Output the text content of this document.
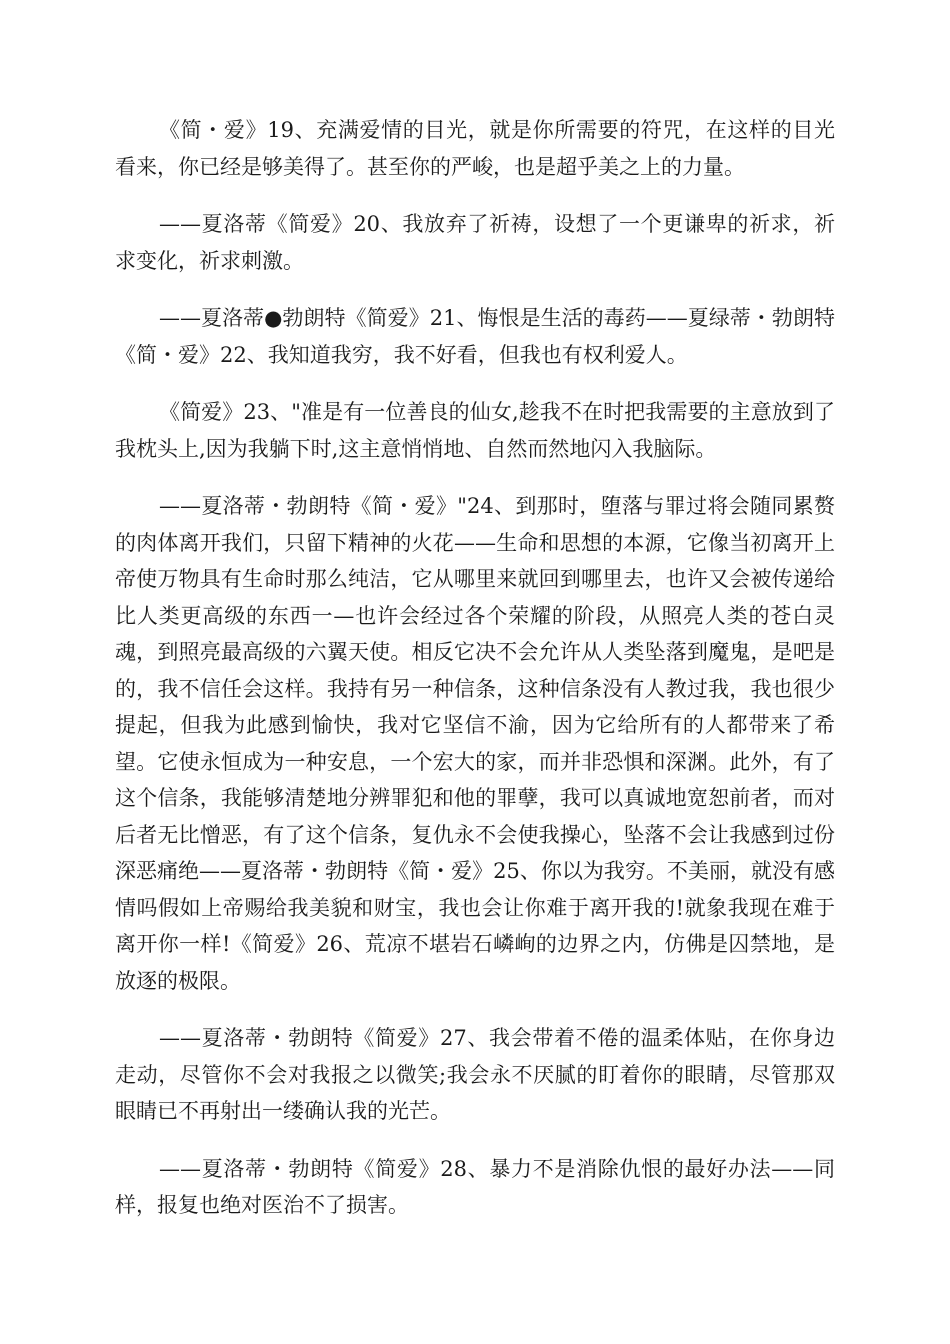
《简・爱》19、充满爱情的目光，就是你所需要的符咒，在这样的目光看来，你已经是够美得了。甚至你的严峻，也是超乎美之上的力量。

——夏洛蒂《简爱》20、我放弃了祈祷，设想了一个更谦卑的祈求，祈求变化，祈求刺激。

——夏洛蒂●勃朗特《简爱》21、悔恨是生活的毒药——夏绿蒂・勃朗特《简・爱》22、我知道我穷，我不好看，但我也有权利爱人。

《简爱》23、"准是有一位善良的仙女,趁我不在时把我需要的主意放到了我枕头上,因为我躺下时,这主意悄悄地、自然而然地闪入我脑际。

——夏洛蒂・勃朗特《简・爱》"24、到那时，堕落与罪过将会随同累赘的肉体离开我们，只留下精神的火花——生命和思想的本源，它像当初离开上帝使万物具有生命时那么纯洁，它从哪里来就回到哪里去，也许又会被传递给比人类更高级的东西一—也许会经过各个荣耀的阶段，从照亮人类的苍白灵魂，到照亮最高级的六翼天使。相反它决不会允许从人类坠落到魔鬼，是吧是的，我不信任会这样。我持有另一种信条，这种信条没有人教过我，我也很少提起，但我为此感到愉快，我对它坚信不渝，因为它给所有的人都带来了希望。它使永恒成为一种安息，一个宏大的家，而并非恐惧和深渊。此外，有了这个信条，我能够清楚地分辨罪犯和他的罪孽，我可以真诚地宽恕前者，而对后者无比憎恶，有了这个信条，复仇永不会使我操心，坠落不会让我感到过份深恶痛绝——夏洛蒂・勃朗特《简・爱》25、你以为我穷。不美丽，就没有感情吗假如上帝赐给我美貌和财宝，我也会让你难于离开我的!就象我现在难于离开你一样!《简爱》26、荒凉不堪岩石嶙峋的边界之内，仿佛是囚禁地，是放逐的极限。

——夏洛蒂・勃朗特《简爱》27、我会带着不倦的温柔体贴，在你身边走动，尽管你不会对我报之以微笑;我会永不厌腻的盯着你的眼睛，尽管那双眼睛已不再射出一缕确认我的光芒。

——夏洛蒂・勃朗特《简爱》28、暴力不是消除仇恨的最好办法——同样，报复也绝对医治不了损害。
